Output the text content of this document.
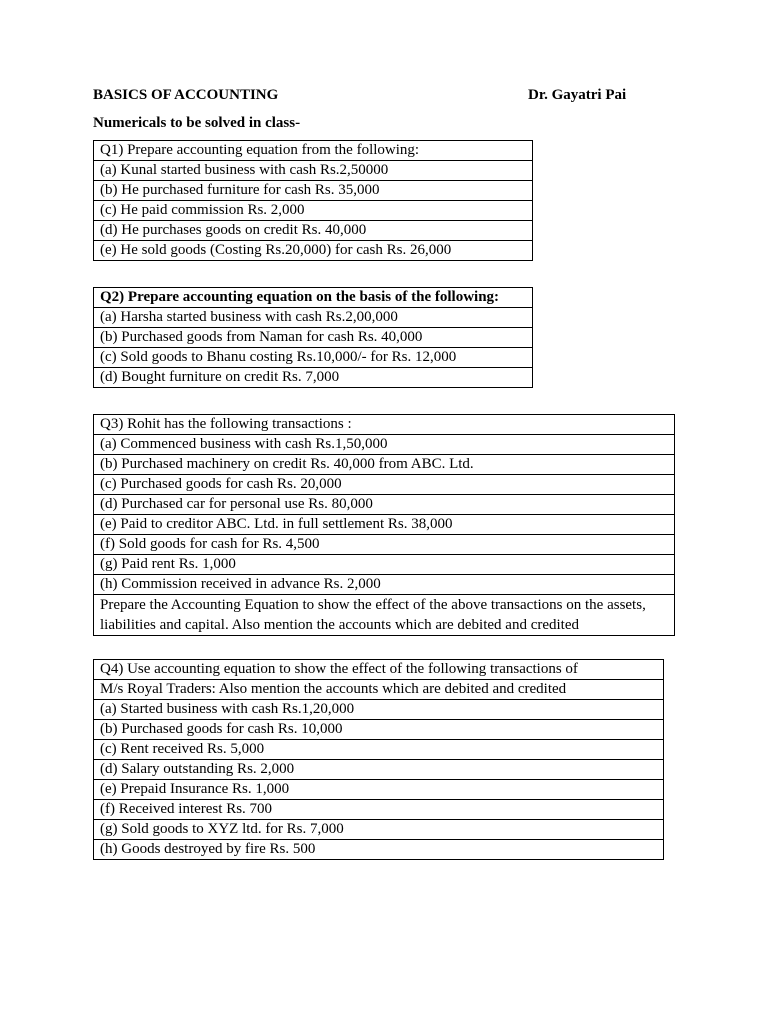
BASICS OF ACCOUNTING	Dr. Gayatri Pai
Numericals to be solved in class-
Q1) Prepare accounting equation from the following:
(a) Kunal started business with cash Rs.2,50000
(b) He purchased furniture for cash Rs. 35,000
(c) He paid commission Rs. 2,000
(d) He purchases goods on credit Rs. 40,000
(e) He sold goods (Costing Rs.20,000) for cash Rs. 26,000
Q2) Prepare accounting equation on the basis of the following:
(a) Harsha started business with cash Rs.2,00,000
(b) Purchased goods from Naman for cash Rs. 40,000
(c) Sold goods to Bhanu costing Rs.10,000/- for Rs. 12,000
(d) Bought furniture on credit Rs. 7,000
Q3) Rohit has the following transactions :
(a) Commenced business with cash Rs.1,50,000
(b) Purchased machinery on credit Rs. 40,000 from ABC. Ltd.
(c) Purchased goods for cash Rs. 20,000
(d) Purchased car for personal use Rs. 80,000
(e) Paid to creditor ABC. Ltd. in full settlement Rs. 38,000
(f) Sold goods for cash for Rs. 4,500
(g) Paid rent Rs. 1,000
(h) Commission received in advance Rs. 2,000
Prepare the Accounting Equation to show the effect of the above transactions on the assets, liabilities and capital. Also mention the accounts which are debited and credited
Q4) Use accounting equation to show the effect of the following transactions of
M/s Royal Traders: Also mention the accounts which are debited and credited
(a) Started business with cash Rs.1,20,000
(b) Purchased goods for cash Rs. 10,000
(c) Rent received Rs. 5,000
(d) Salary outstanding Rs. 2,000
(e) Prepaid Insurance Rs. 1,000
(f) Received interest Rs. 700
(g) Sold goods to XYZ ltd. for Rs. 7,000
(h) Goods destroyed by fire Rs. 500
